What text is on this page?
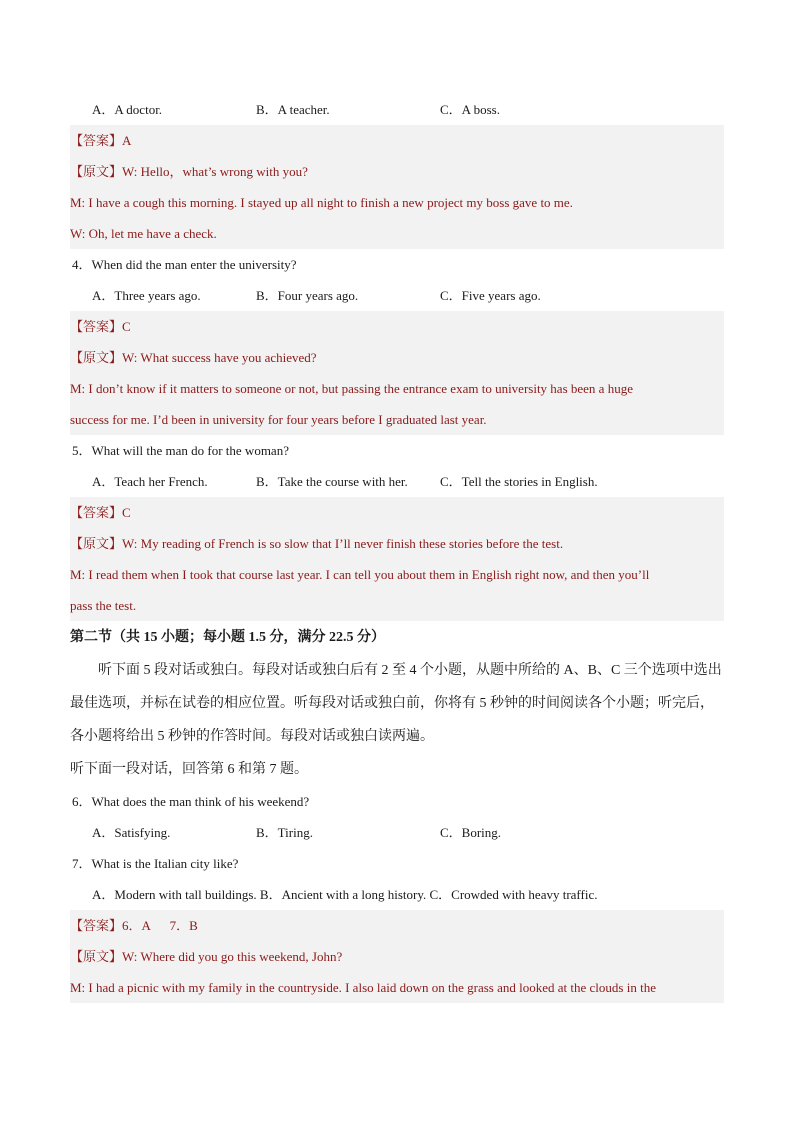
A．A doctor.	B．A teacher.	C．A boss.
【答案】A
【原文】W: Hello，what’s wrong with you?
M: I have a cough this morning. I stayed up all night to finish a new project my boss gave to me.
W: Oh, let me have a check.
4．When did the man enter the university?
A．Three years ago.	B．Four years ago.	C．Five years ago.
【答案】C
【原文】W: What success have you achieved?
M: I don’t know if it matters to someone or not, but passing the entrance exam to university has been a huge
success for me. I’d been in university for four years before I graduated last year.
5．What will the man do for the woman?
A．Teach her French.	B．Take the course with her. C．Tell the stories in English.
【答案】C
【原文】W: My reading of French is so slow that I’ll never finish these stories before the test.
M: I read them when I took that course last year. I can tell you about them in English right now, and then you’ll
pass the test.
第二节（共 15 小题；每小题 1.5 分，满分 22.5 分）
听下面 5 段对话或独白。每段对话或独白后有 2 至 4 个小题，从题中所给的 A、B、C 三个选项中选出
最佳选项，并标在试卷的相应位置。听每段对话或独白前，你将有 5 秒钟的时间阅读各个小题；听完后，
各小题将给出 5 秒钟的作答时间。每段对话或独白读两遍。
听下面一段对话，回答第 6 和第 7 题。
6．What does the man think of his weekend?
A．Satisfying.	B．Tiring.	C．Boring.
7．What is the Italian city like?
A．Modern with tall buildings. B．Ancient with a long history. C．Crowded with heavy traffic.
【答案】6．A      7．B
【原文】W: Where did you go this weekend, John?
M: I had a picnic with my family in the countryside. I also laid down on the grass and looked at the clouds in the
